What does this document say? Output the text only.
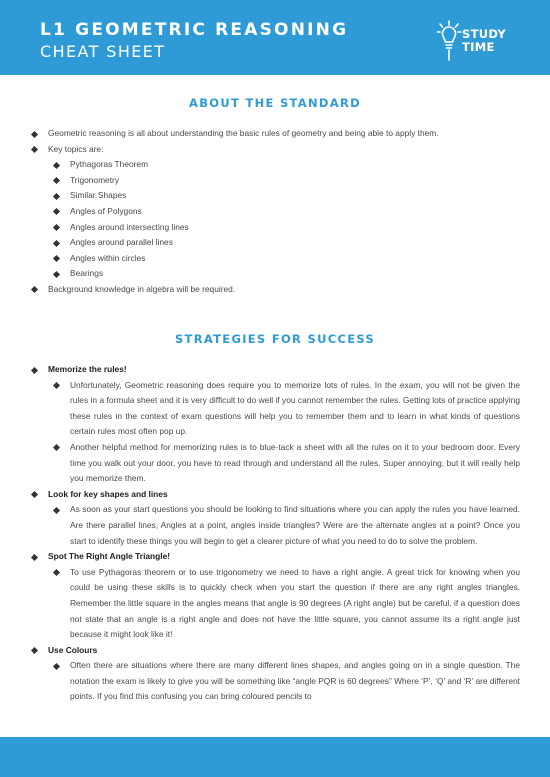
L1 GEOMETRIC REASONING
CHEAT SHEET
STUDY
TIME
ABOUT THE STANDARD
Geometric reasoning is all about understanding the basic rules of geometry and being able to apply them.
Key topics are:
Pythagoras Theorem
Trigonometry
Similar Shapes
Angles of Polygons
Angles around intersecting lines
Angles around parallel lines
Angles within circles
Bearings
Background knowledge in algebra will be required.
STRATEGIES FOR SUCCESS
Memorize the rules!
Unfortunately, Geometric reasoning does require you to memorize lots of rules. In the exam, you will not be given the rules in a formula sheet and it is very difficult to do well if you cannot remember the rules. Getting lots of practice applying these rules in the context of exam questions will help you to remember them and to learn in what kinds of questions certain rules most often pop up.
Another helpful method for memorizing rules is to blue-tack a sheet with all the rules on it to your bedroom door. Every time you walk out your door, you have to read through and understand all the rules. Super annoying, but it will really help you memorize them.
Look for key shapes and lines
As soon as your start questions you should be looking to find situations where you can apply the rules you have learned. Are there parallel lines, Angles at a point, angles inside triangles? Were are the alternate angles at a point? Once you start to identify these things you will begin to get a clearer picture of what you need to do to solve the problem.
Spot The Right Angle Triangle!
To use Pythagoras theorem or to use trigonometry we need to have a right angle. A great trick for knowing when you could be using these skills is to quickly check when you start the question if there are any right angles triangles. Remember the little square in the angles means that angle is 90 degrees (A right angle) but be careful, if a question does not state that an angle is a right angle and does not have the little square, you cannot assume its a right angle just because it might look like it!
Use Colours
Often there are situations where there are many different lines shapes, and angles going on in a single question. The notation the exam is likely to give you will be something like “angle PQR is 60 degrees” Where ‘P’, ‘Q’ and ‘R’ are different points. If you find this confusing you can bring coloured pencils to
